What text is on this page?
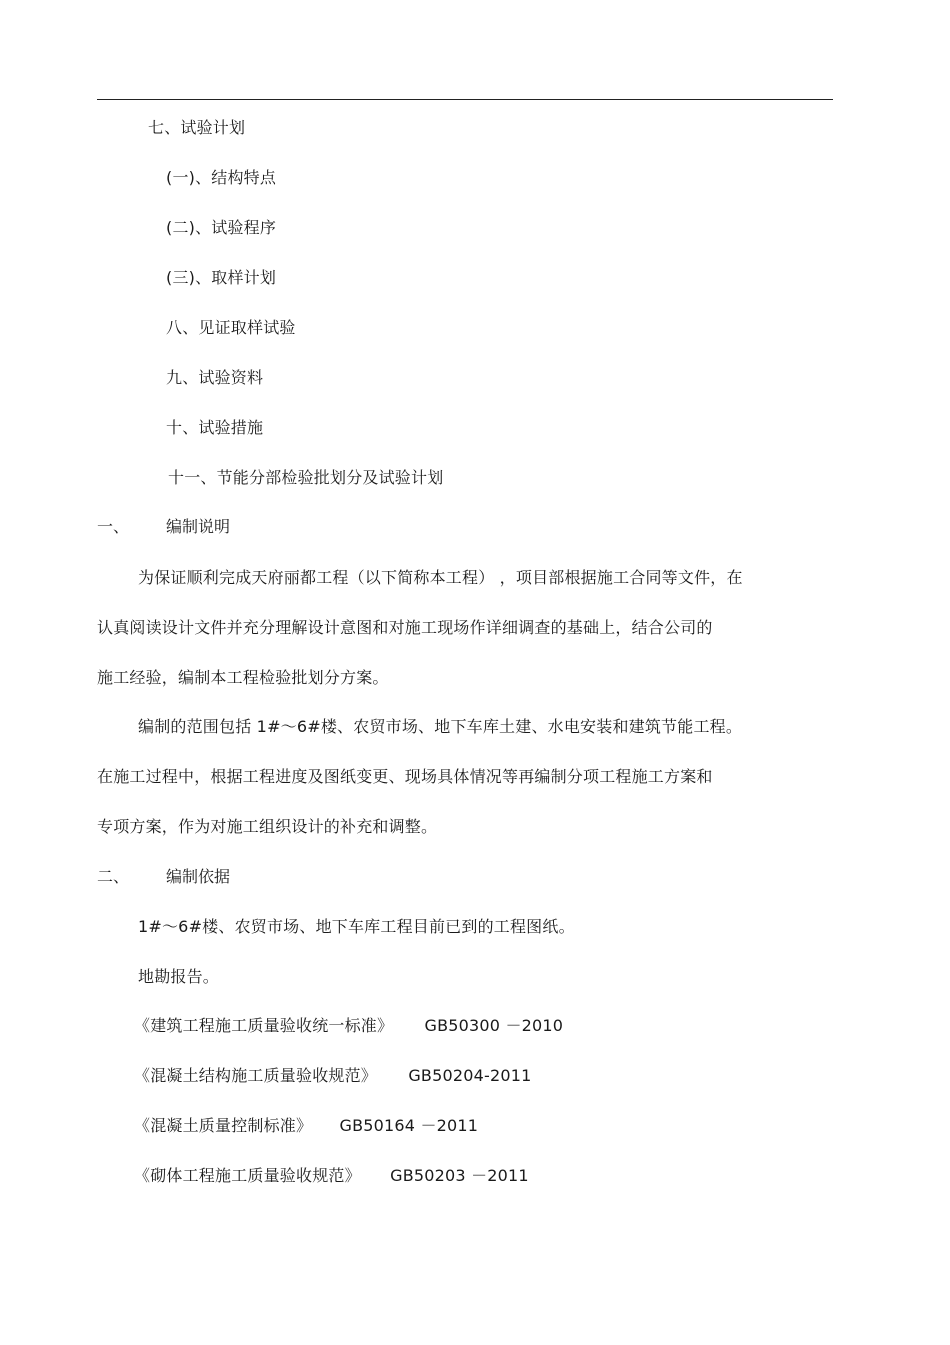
七、试验计划
(一)、结构特点
(二)、试验程序
(三)、取样计划
八、见证取样试验
九、试验资料
十、试验措施
十一、节能分部检验批划分及试验计划
一、 编制说明
为保证顺利完成天府丽都工程（以下简称本工程） ，项目部根据施工合同等文件，在
认真阅读设计文件并充分理解设计意图和对施工现场作详细调查的基础上，结合公司的
施工经验，编制本工程检验批划分方案。
编制的范围包括 1#～6#楼、农贸市场、地下车库土建、水电安装和建筑节能工程。
在施工过程中，根据工程进度及图纸变更、现场具体情况等再编制分项工程施工方案和
专项方案，作为对施工组织设计的补充和调整。
二、 编制依据
1#～6#楼、农贸市场、地下车库工程目前已到的工程图纸。
地勘报告。
《建筑工程施工质量验收统一标准》 GB50300 －2010
《混凝土结构施工质量验收规范》 GB50204-2011
《混凝土质量控制标准》 GB50164 －2011
《砌体工程施工质量验收规范》 GB50203 －2011
